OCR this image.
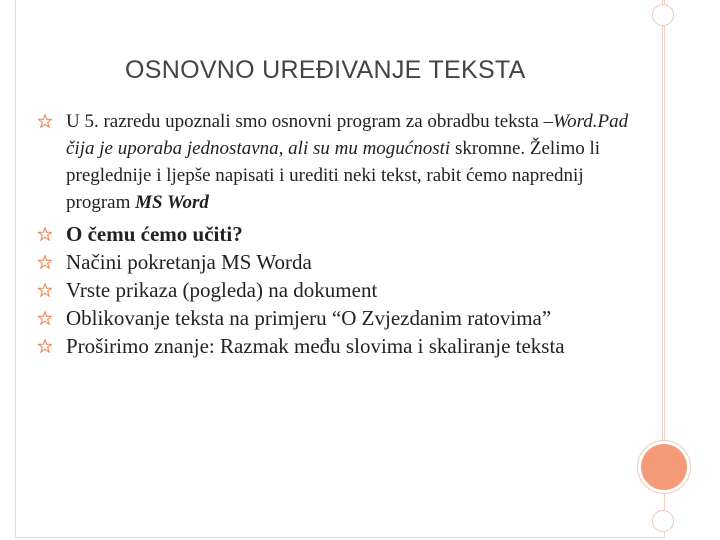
OSNOVNO UREĐIVANJE TEKSTA
U 5. razredu upoznali smo osnovni program za obradbu teksta –Word.Pad čija je uporaba jednostavna, ali su mu mogućnosti skromne. Želimo li preglednije i ljepše napisati i urediti neki tekst, rabit ćemo naprednij program MS Word
O čemu ćemo učiti?
Načini pokretanja MS Worda
Vrste prikaza (pogleda) na dokument
Oblikovanje teksta na primjeru “O Zvjezdanim ratovima”
Proširimo znanje: Razmak među slovima i skaliranje teksta
